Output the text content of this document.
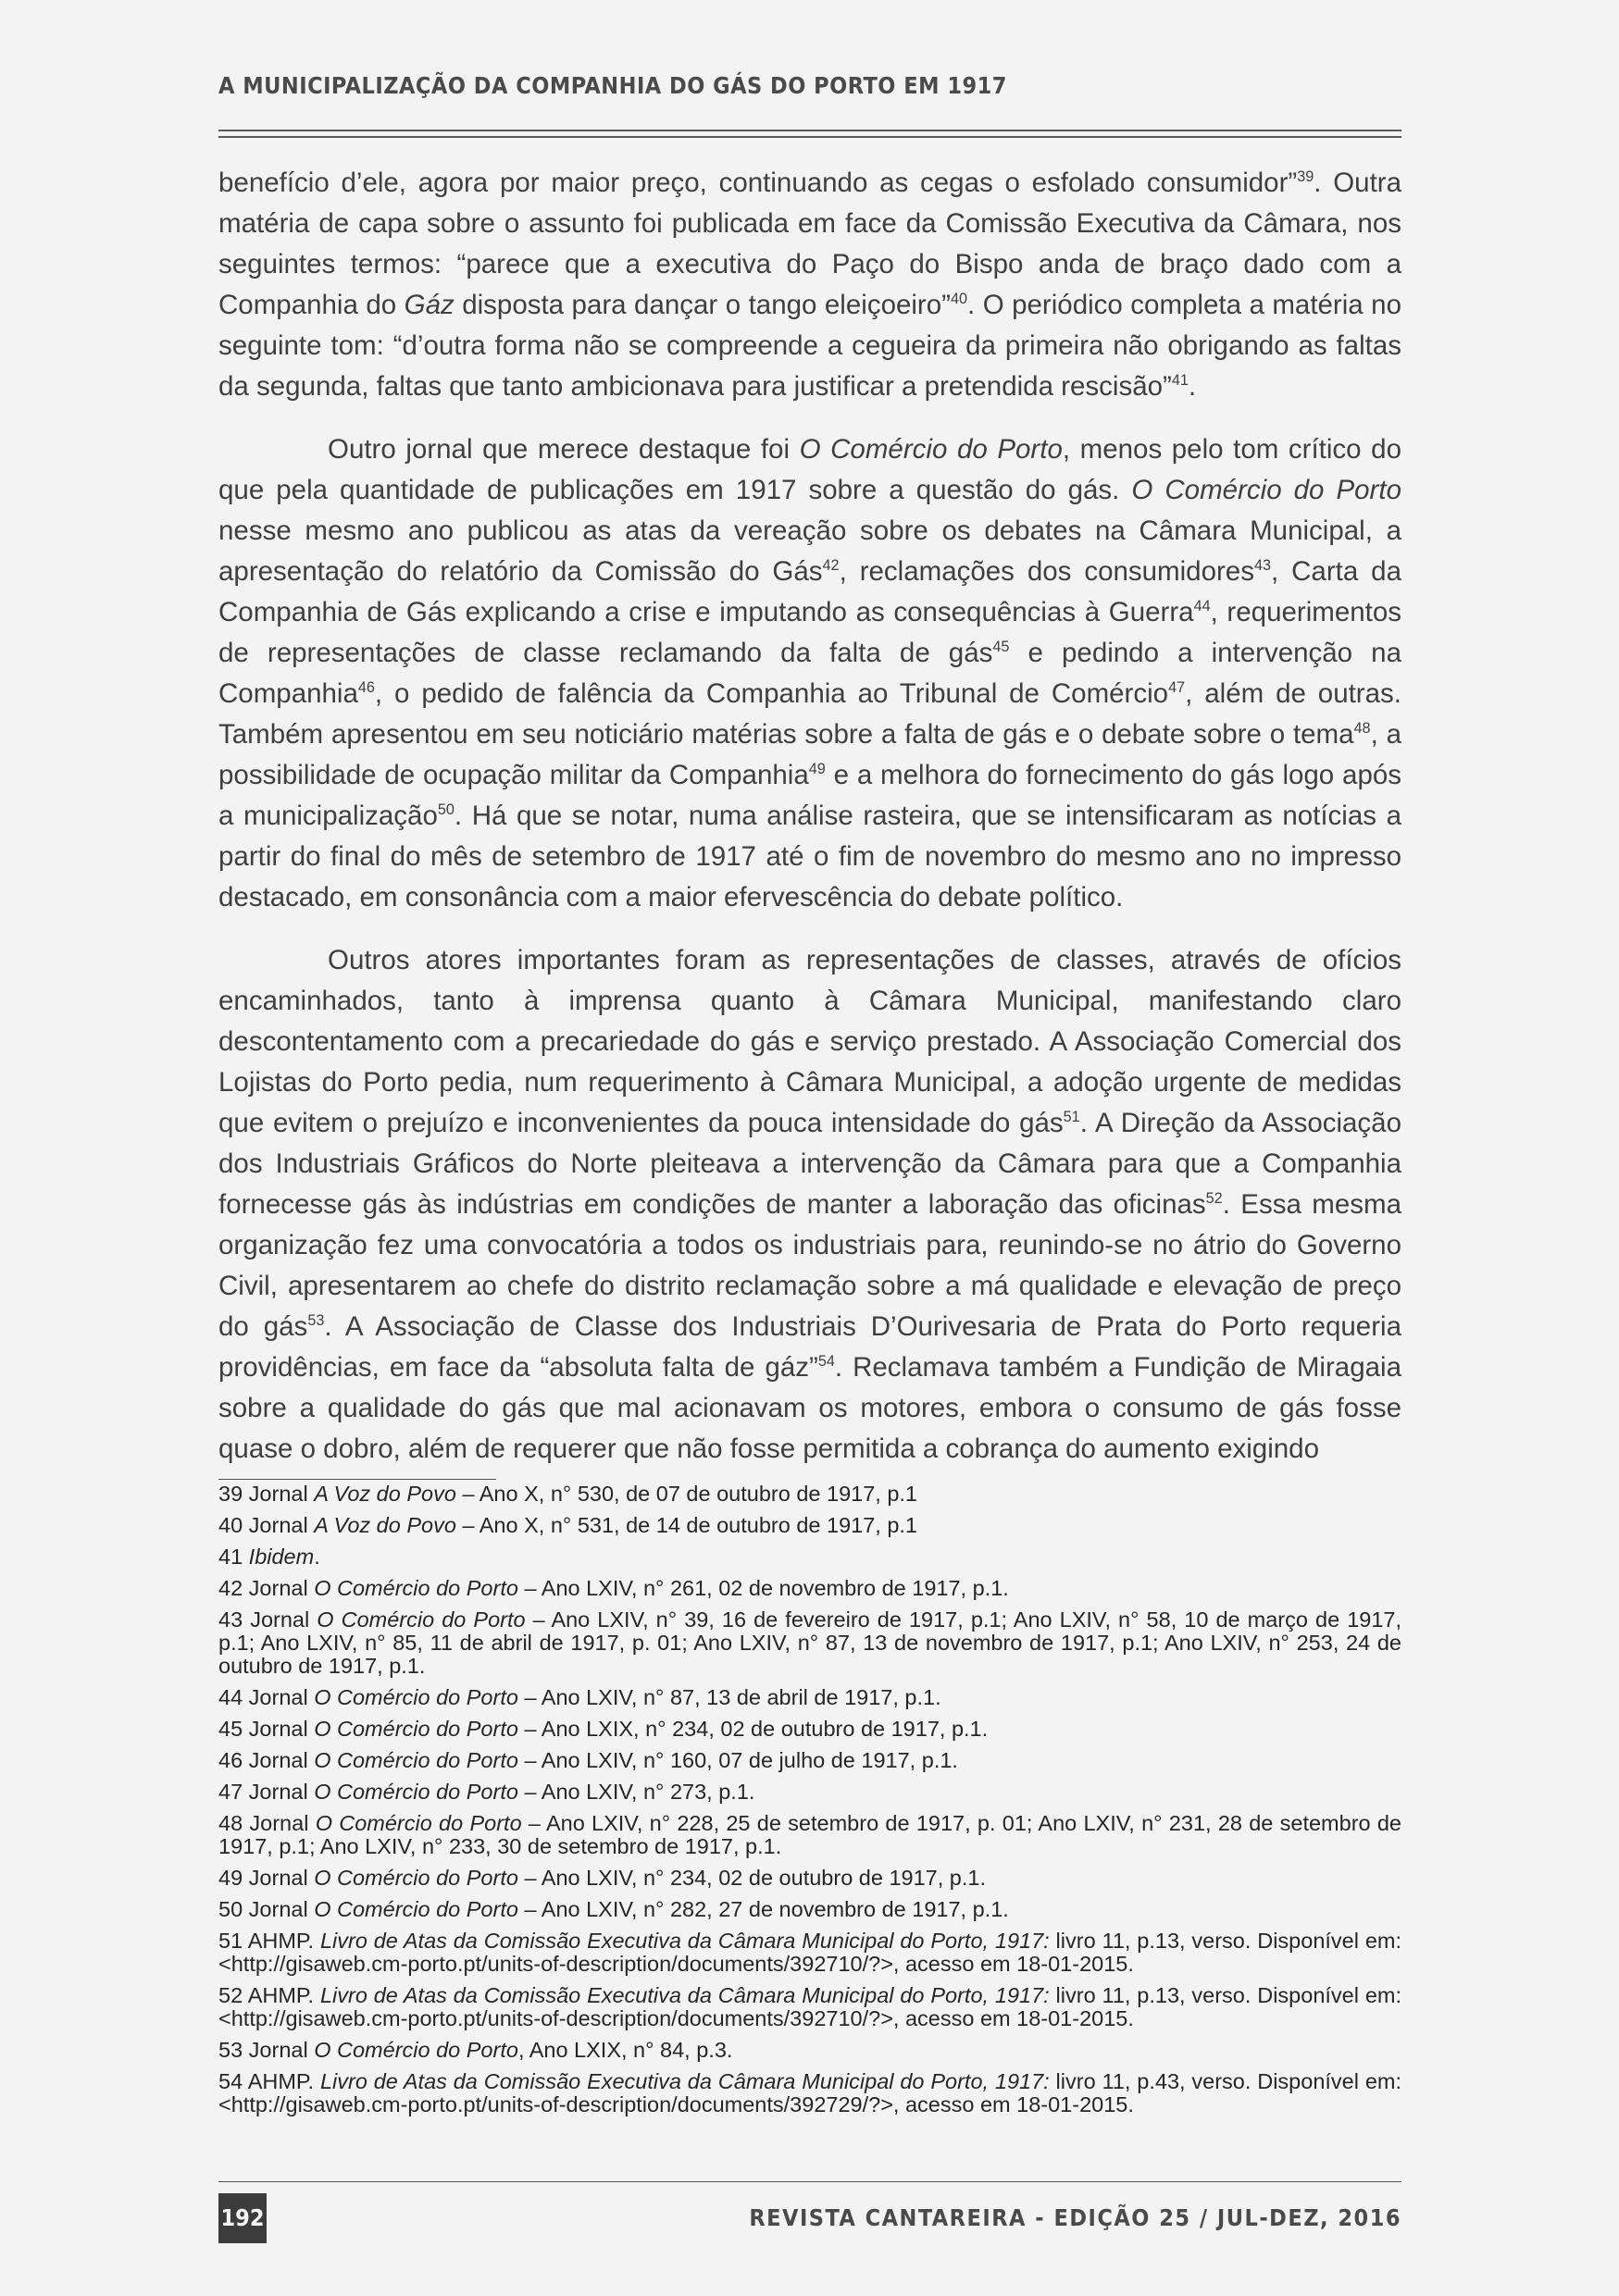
A MUNICIPALIZAÇÃO DA COMPANHIA DO GÁS DO PORTO EM 1917

benefício d’ele, agora por maior preço, continuando as cegas o esfolado consumidor”$^{39}$. Outra matéria de capa sobre o assunto foi publicada em face da Comissão Executiva da Câmara, nos seguintes termos: “parece que a executiva do Paço do Bispo anda de braço dado com a Companhia do Gáz disposta para dançar o tango eleiçoeiro”$^{40}$. O periódico completa a matéria no seguinte tom: “d’outra forma não se compreende a cegueira da primeira não obrigando as faltas da segunda, faltas que tanto ambicionava para justificar a pretendida rescisão”$^{41}$.

Outro jornal que merece destaque foi O Comércio do Porto, menos pelo tom crítico do que pela quantidade de publicações em 1917 sobre a questão do gás. O Comércio do Porto nesse mesmo ano publicou as atas da vereação sobre os debates na Câmara Municipal, a apresentação do relatório da Comissão do Gás$^{42}$, reclamações dos consumidores$^{43}$, Carta da Companhia de Gás explicando a crise e imputando as consequências à Guerra$^{44}$, requerimentos de representações de classe reclamando da falta de gás$^{45}$ e pedindo a intervenção na Companhia$^{46}$, o pedido de falência da Companhia ao Tribunal de Comércio$^{47}$, além de outras. Também apresentou em seu noticiário matérias sobre a falta de gás e o debate sobre o tema$^{48}$, a possibilidade de ocupação militar da Companhia$^{49}$ e a melhora do fornecimento do gás logo após a municipalização$^{50}$. Há que se notar, numa análise rasteira, que se intensificaram as notícias a partir do final do mês de setembro de 1917 até o fim de novembro do mesmo ano no impresso destacado, em consonância com a maior efervescência do debate político.

Outros atores importantes foram as representações de classes, através de ofícios encaminhados, tanto à imprensa quanto à Câmara Municipal, manifestando claro descontentamento com a precariedade do gás e serviço prestado. A Associação Comercial dos Lojistas do Porto pedia, num requerimento à Câmara Municipal, a adoção urgente de medidas que evitem o prejuízo e inconvenientes da pouca intensidade do gás$^{51}$. A Direção da Associação dos Industriais Gráficos do Norte pleiteava a intervenção da Câmara para que a Companhia fornecesse gás às indústrias em condições de manter a laboração das oficinas$^{52}$. Essa mesma organização fez uma convocatória a todos os industriais para, reunindo-se no átrio do Governo Civil, apresentarem ao chefe do distrito reclamação sobre a má qualidade e elevação de preço do gás$^{53}$. A Associação de Classe dos Industriais D’Ourivesaria de Prata do Porto requeria providências, em face da “absoluta falta de gáz”$^{54}$. Reclamava também a Fundição de Miragaia sobre a qualidade do gás que mal acionavam os motores, embora o consumo de gás fosse quase o dobro, além de requerer que não fosse permitida a cobrança do aumento exigindo

39 Jornal A Voz do Povo – Ano X, n° 530, de 07 de outubro de 1917, p.1
40 Jornal A Voz do Povo – Ano X, n° 531, de 14 de outubro de 1917, p.1
41 Ibidem.
42 Jornal O Comércio do Porto – Ano LXIV, n° 261, 02 de novembro de 1917, p.1.
43 Jornal O Comércio do Porto – Ano LXIV, n° 39, 16 de fevereiro de 1917, p.1; Ano LXIV, n° 58, 10 de março de 1917, p.1; Ano LXIV, n° 85, 11 de abril de 1917, p. 01; Ano LXIV, n° 87, 13 de novembro de 1917, p.1; Ano LXIV, n° 253, 24 de outubro de 1917, p.1.
44 Jornal O Comércio do Porto – Ano LXIV, n° 87, 13 de abril de 1917, p.1.
45 Jornal O Comércio do Porto – Ano LXIX, n° 234, 02 de outubro de 1917, p.1.
46 Jornal O Comércio do Porto – Ano LXIV, n° 160, 07 de julho de 1917, p.1.
47 Jornal O Comércio do Porto – Ano LXIV, n° 273, p.1.
48 Jornal O Comércio do Porto – Ano LXIV, n° 228, 25 de setembro de 1917, p. 01; Ano LXIV, n° 231, 28 de setembro de 1917, p.1; Ano LXIV, n° 233, 30 de setembro de 1917, p.1.
49 Jornal O Comércio do Porto – Ano LXIV, n° 234, 02 de outubro de 1917, p.1.
50 Jornal O Comércio do Porto – Ano LXIV, n° 282, 27 de novembro de 1917, p.1.
51 AHMP. Livro de Atas da Comissão Executiva da Câmara Municipal do Porto, 1917: livro 11, p.13, verso. Disponível em: <http://gisaweb.cm-porto.pt/units-of-description/documents/392710/?>, acesso em 18-01-2015.
52 AHMP. Livro de Atas da Comissão Executiva da Câmara Municipal do Porto, 1917: livro 11, p.13, verso. Disponível em: <http://gisaweb.cm-porto.pt/units-of-description/documents/392710/?>, acesso em 18-01-2015.
53 Jornal O Comércio do Porto, Ano LXIX, n° 84, p.3.
54 AHMP. Livro de Atas da Comissão Executiva da Câmara Municipal do Porto, 1917: livro 11, p.43, verso. Disponível em: <http://gisaweb.cm-porto.pt/units-of-description/documents/392729/?>, acesso em 18-01-2015.
192	REVISTA CANTAREIRA - EDIÇÃO 25 / JUL-DEZ, 2016
